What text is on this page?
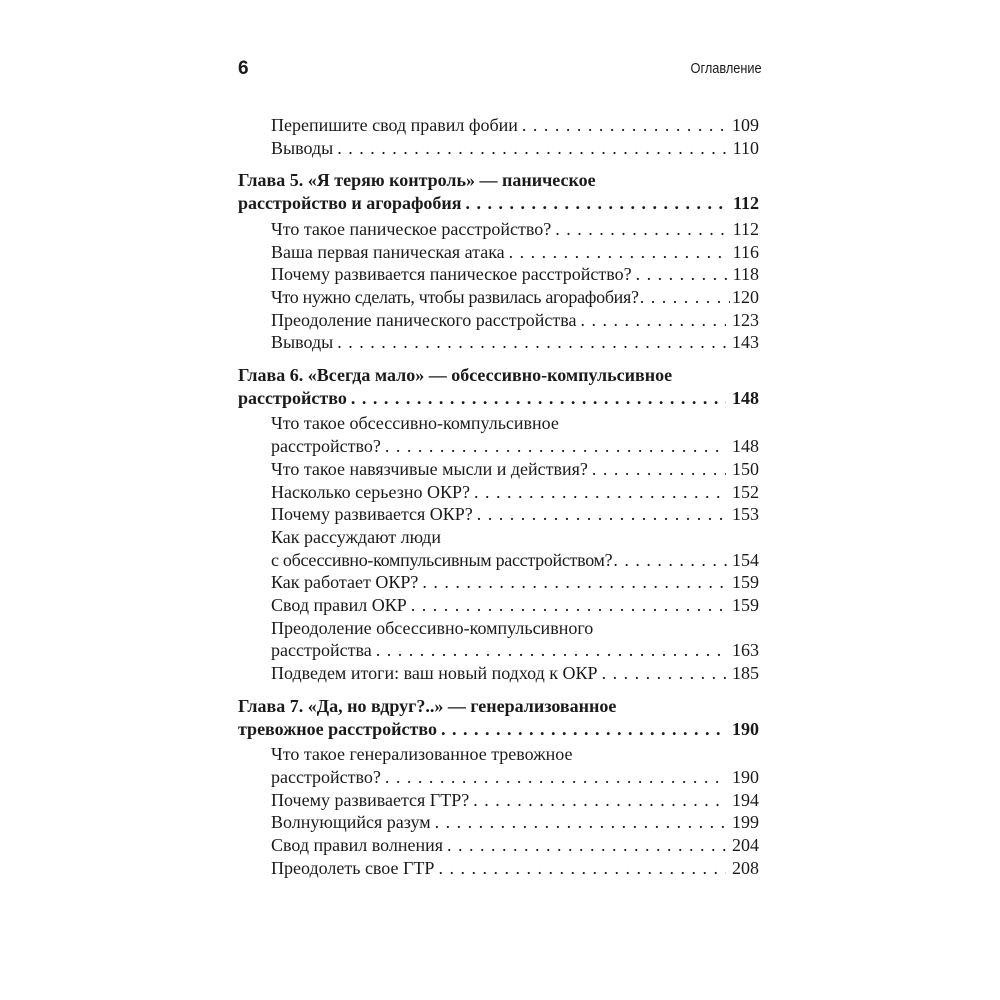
6	Оглавление
Перепишите свод правил фобии . . .	109
Выводы . . .	110
Глава 5. «Я теряю контроль» — паническое
расстройство и агорафобия . . .	112
Что такое паническое расстройство? . . .	112
Ваша первая паническая атака . . .	116
Почему развивается паническое расстройство? . . .	118
Что нужно сделать, чтобы развилась агорафобия? . . .	120
Преодоление панического расстройства . . .	123
Выводы . . .	143
Глава 6. «Всегда мало» — обсессивно-компульсивное
расстройство . . .	148
Что такое обсессивно-компульсивное
расстройство? . . .	148
Что такое навязчивые мысли и действия? . . .	150
Насколько серьезно ОКР? . . .	152
Почему развивается ОКР? . . .	153
Как рассуждают люди
с обсессивно-компульсивным расстройством? . . .	154
Как работает ОКР? . . .	159
Свод правил ОКР . . .	159
Преодоление обсессивно-компульсивного
расстройства . . .	163
Подведем итоги: ваш новый подход к ОКР . . .	185
Глава 7. «Да, но вдруг?..» — генерализованное
тревожное расстройство . . .	190
Что такое генерализованное тревожное
расстройство? . . .	190
Почему развивается ГТР? . . .	194
Волнующийся разум . . .	199
Свод правил волнения . . .	204
Преодолеть свое ГТР . . .	208
